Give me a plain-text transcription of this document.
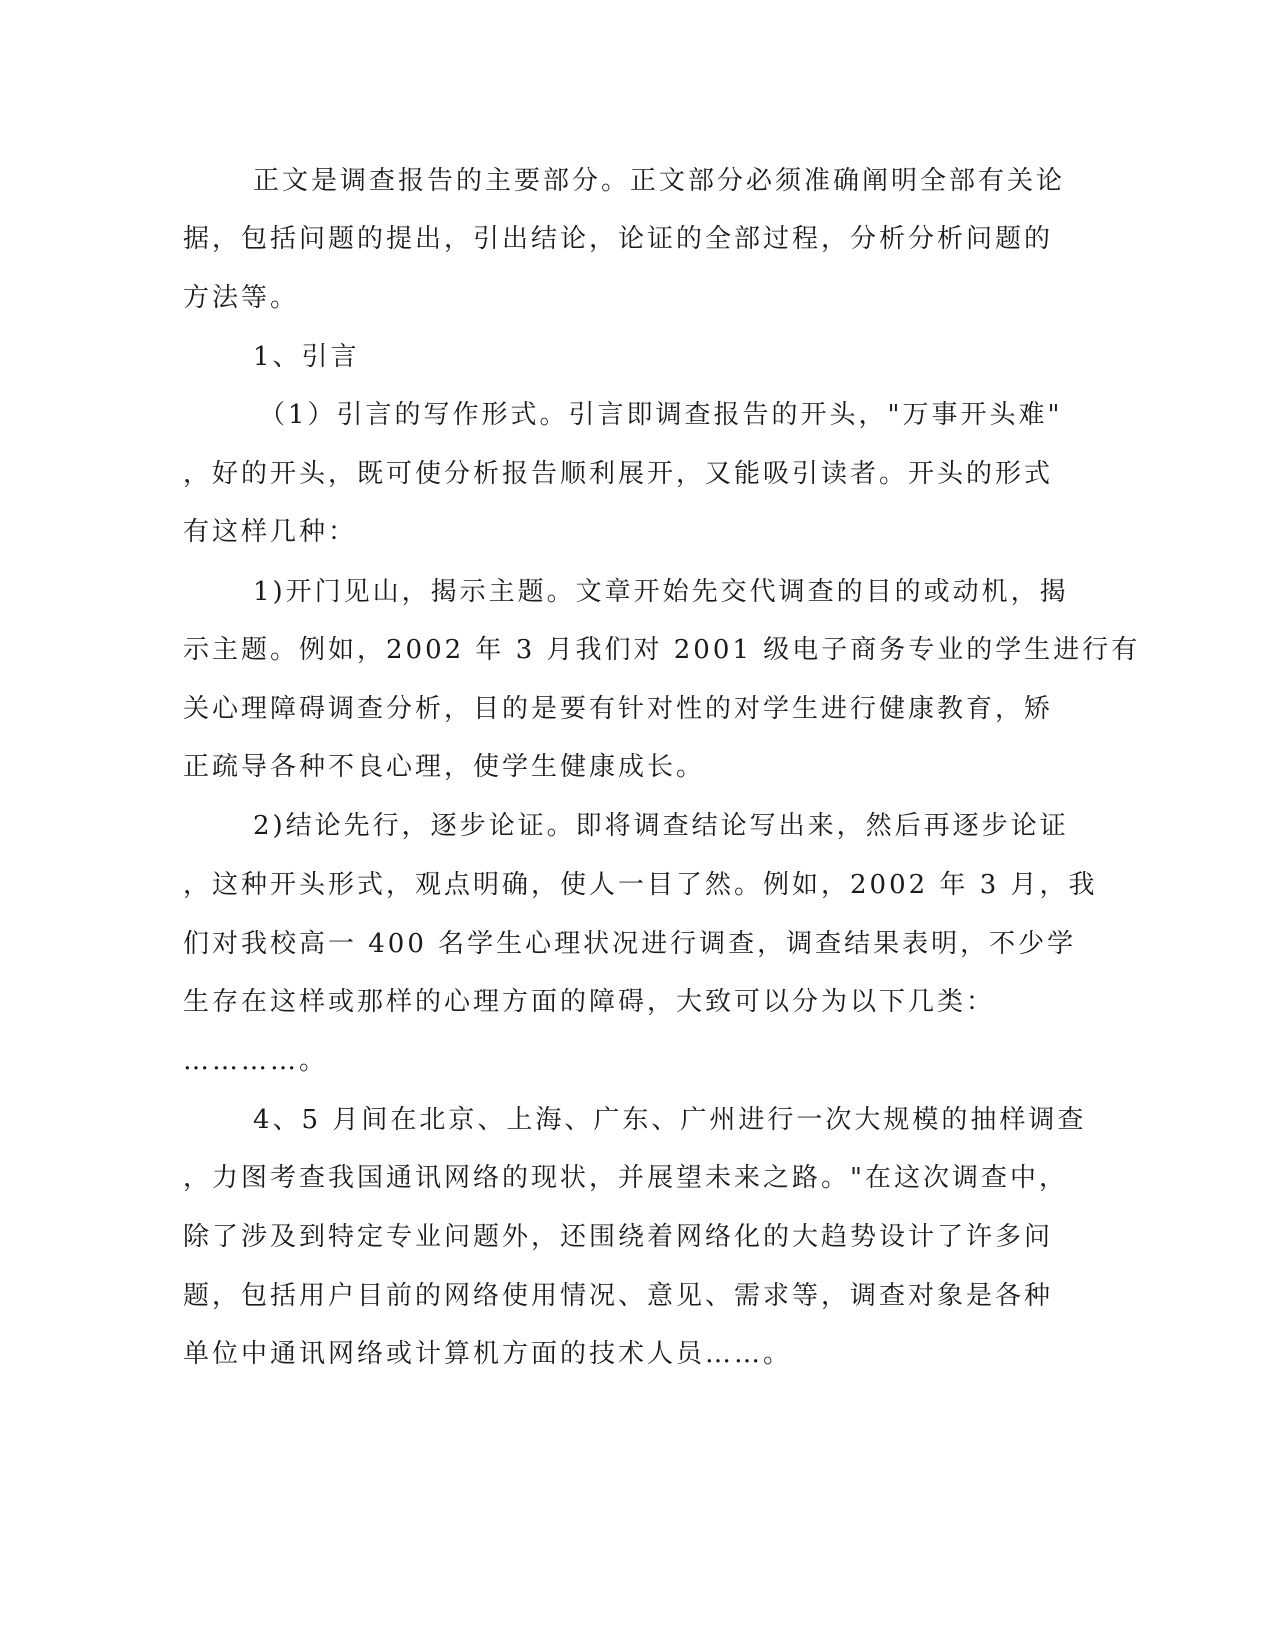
正文是调查报告的主要部分。正文部分必须准确阐明全部有关论
据，包括问题的提出，引出结论，论证的全部过程，分析分析问题的
方法等。
1、引言
（1）引言的写作形式。引言即调查报告的开头，"万事开头难"
，好的开头，既可使分析报告顺利展开，又能吸引读者。开头的形式
有这样几种：
1)开门见山，揭示主题。文章开始先交代调查的目的或动机，揭
示主题。例如，2002 年 3 月我们对 2001 级电子商务专业的学生进行有
关心理障碍调查分析，目的是要有针对性的对学生进行健康教育，矫
正疏导各种不良心理，使学生健康成长。
2)结论先行，逐步论证。即将调查结论写出来，然后再逐步论证
，这种开头形式，观点明确，使人一目了然。例如，2002 年 3 月，我
们对我校高一 400 名学生心理状况进行调查，调查结果表明，不少学
生存在这样或那样的心理方面的障碍，大致可以分为以下几类：
…………。
4、5 月间在北京、上海、广东、广州进行一次大规模的抽样调查
，力图考查我国通讯网络的现状，并展望未来之路。"在这次调查中，
除了涉及到特定专业问题外，还围绕着网络化的大趋势设计了许多问
题，包括用户目前的网络使用情况、意见、需求等，调查对象是各种
单位中通讯网络或计算机方面的技术人员……。
